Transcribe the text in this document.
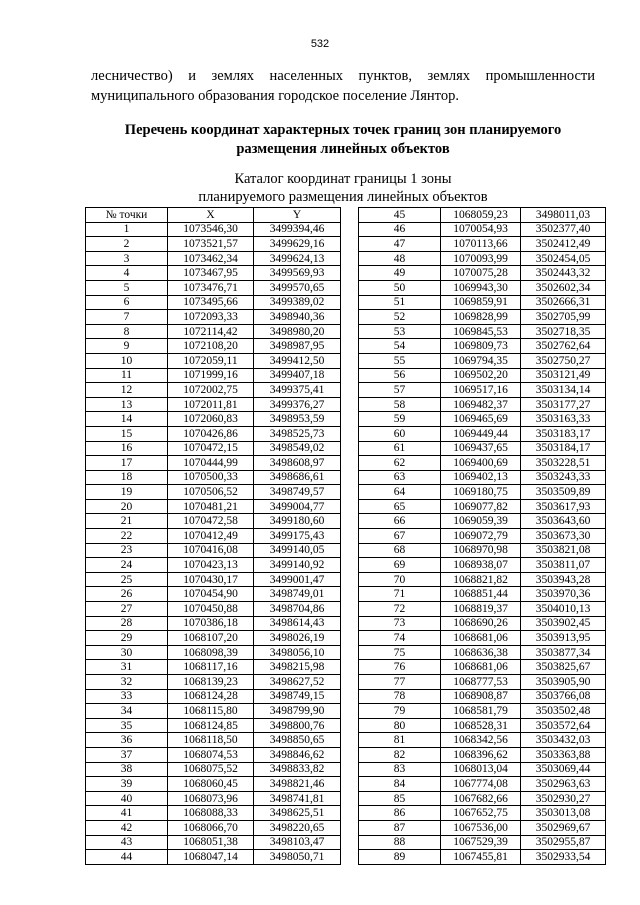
532
лесничество) и землях населенных пунктов, землях промышленности
муниципального образования городское поселение Лянтор.
Перечень координат характерных точек границ зон планируемого
размещения линейных объектов
Каталог координат границы 1 зоны
планируемого размещения линейных объектов
№ точки	X	Y
1	1073546,30	3499394,46
2	1073521,57	3499629,16
3	1073462,34	3499624,13
4	1073467,95	3499569,93
5	1073476,71	3499570,65
6	1073495,66	3499389,02
7	1072093,33	3498940,36
8	1072114,42	3498980,20
9	1072108,20	3498987,95
10	1072059,11	3499412,50
11	1071999,16	3499407,18
12	1072002,75	3499375,41
13	1072011,81	3499376,27
14	1072060,83	3498953,59
15	1070426,86	3498525,73
16	1070472,15	3498549,02
17	1070444,99	3498608,97
18	1070500,33	3498686,61
19	1070506,52	3498749,57
20	1070481,21	3499004,77
21	1070472,58	3499180,60
22	1070412,49	3499175,43
23	1070416,08	3499140,05
24	1070423,13	3499140,92
25	1070430,17	3499001,47
26	1070454,90	3498749,01
27	1070450,88	3498704,86
28	1070386,18	3498614,43
29	1068107,20	3498026,19
30	1068098,39	3498056,10
31	1068117,16	3498215,98
32	1068139,23	3498627,52
33	1068124,28	3498749,15
34	1068115,80	3498799,90
35	1068124,85	3498800,76
36	1068118,50	3498850,65
37	1068074,53	3498846,62
38	1068075,52	3498833,82
39	1068060,45	3498821,46
40	1068073,96	3498741,81
41	1068088,33	3498625,51
42	1068066,70	3498220,65
43	1068051,38	3498103,47
44	1068047,14	3498050,71
45	1068059,23	3498011,03
46	1070054,93	3502377,40
47	1070113,66	3502412,49
48	1070093,99	3502454,05
49	1070075,28	3502443,32
50	1069943,30	3502602,34
51	1069859,91	3502666,31
52	1069828,99	3502705,99
53	1069845,53	3502718,35
54	1069809,73	3502762,64
55	1069794,35	3502750,27
56	1069502,20	3503121,49
57	1069517,16	3503134,14
58	1069482,37	3503177,27
59	1069465,69	3503163,33
60	1069449,44	3503183,17
61	1069437,65	3503184,17
62	1069400,69	3503228,51
63	1069402,13	3503243,33
64	1069180,75	3503509,89
65	1069077,82	3503617,93
66	1069059,39	3503643,60
67	1069072,79	3503673,30
68	1068970,98	3503821,08
69	1068938,07	3503811,07
70	1068821,82	3503943,28
71	1068851,44	3503970,36
72	1068819,37	3504010,13
73	1068690,26	3503902,45
74	1068681,06	3503913,95
75	1068636,38	3503877,34
76	1068681,06	3503825,67
77	1068777,53	3503905,90
78	1068908,87	3503766,08
79	1068581,79	3503502,48
80	1068528,31	3503572,64
81	1068342,56	3503432,03
82	1068396,62	3503363,88
83	1068013,04	3503069,44
84	1067774,08	3502963,63
85	1067682,66	3502930,27
86	1067652,75	3503013,08
87	1067536,00	3502969,67
88	1067529,39	3502955,87
89	1067455,81	3502933,54
